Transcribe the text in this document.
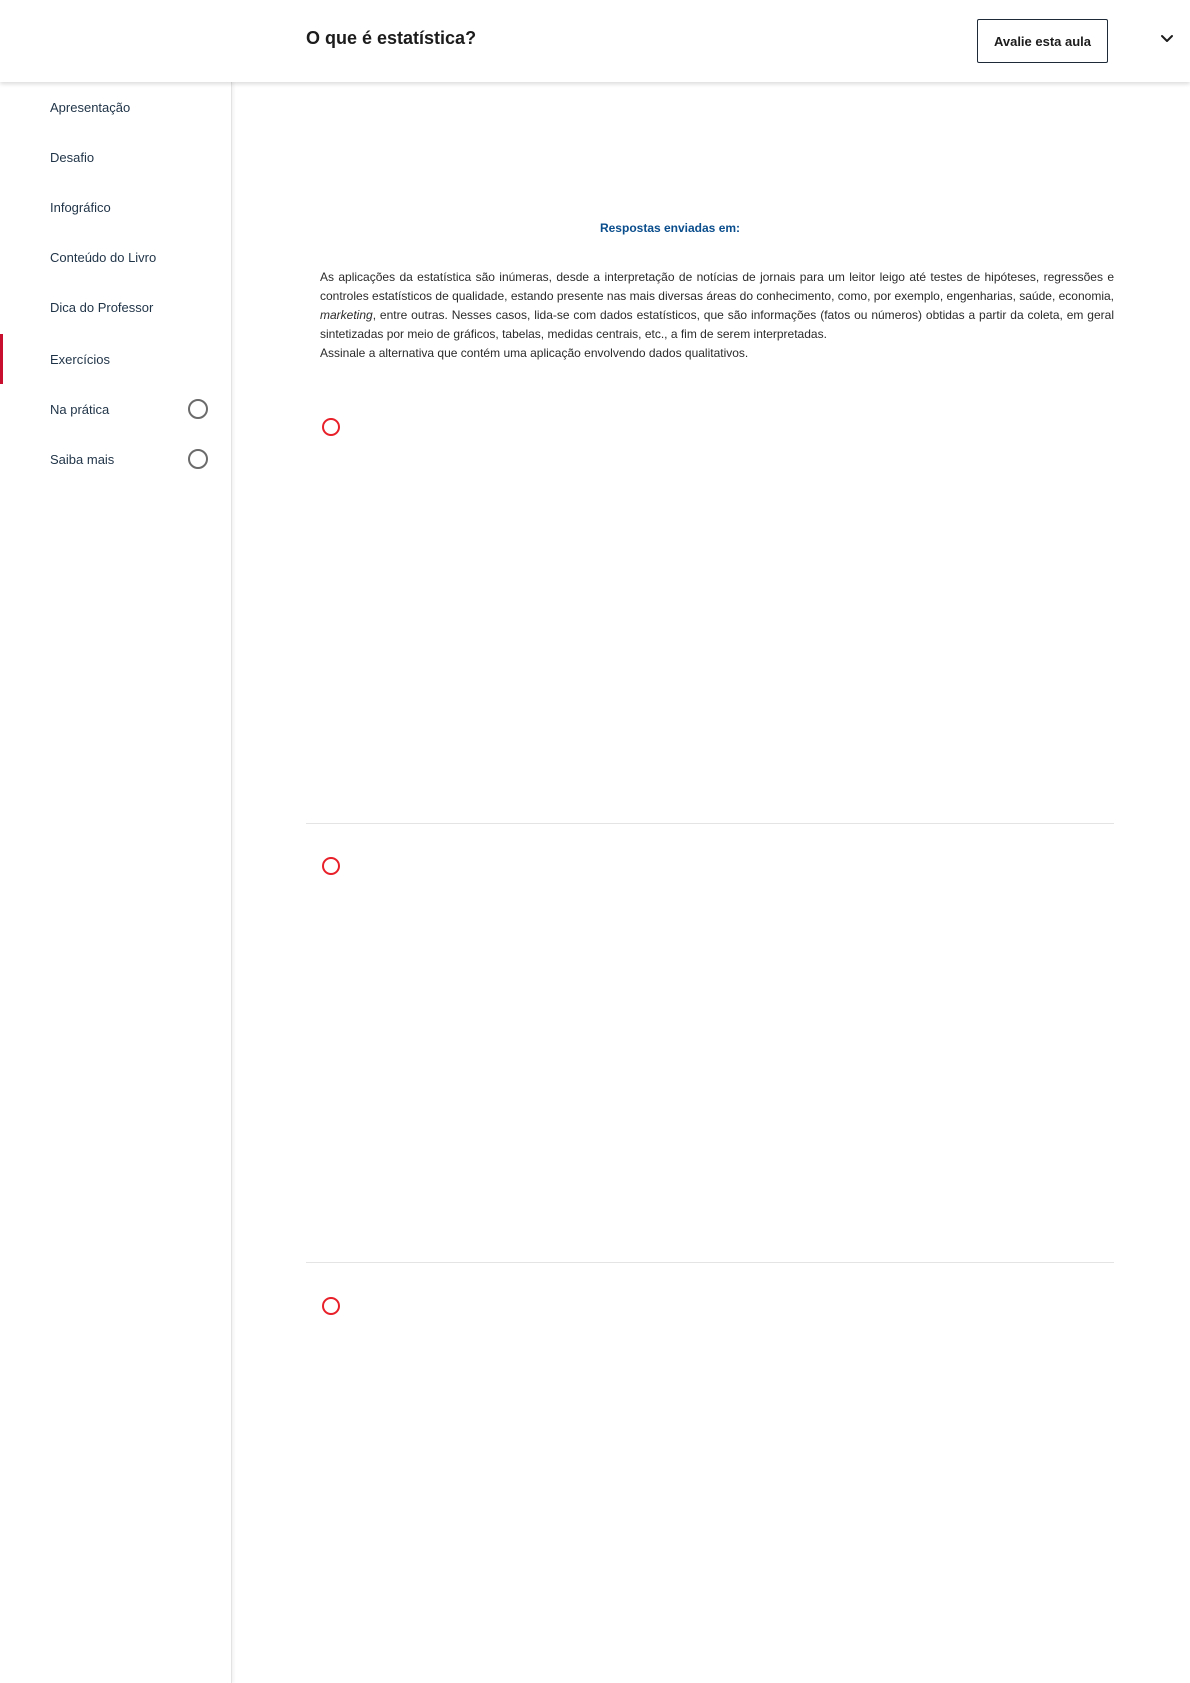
O que é estatística?	Avalie esta aula
Apresentação
Desafio
Infográfico
Conteúdo do Livro
Dica do Professor
Exercícios
Na prática
Saiba mais
Respostas enviadas em:
As aplicações da estatística são inúmeras, desde a interpretação de notícias de jornais para um leitor leigo até testes de hipóteses, regressões e controles estatísticos de qualidade, estando presente nas mais diversas áreas do conhecimento, como, por exemplo, engenharias, saúde, economia, marketing, entre outras. Nesses casos, lida-se com dados estatísticos, que são informações (fatos ou números) obtidas a partir da coleta, em geral sintetizadas por meio de gráficos, tabelas, medidas centrais, etc., a fim de serem interpretadas.
Assinale a alternativa que contém uma aplicação envolvendo dados qualitativos.
